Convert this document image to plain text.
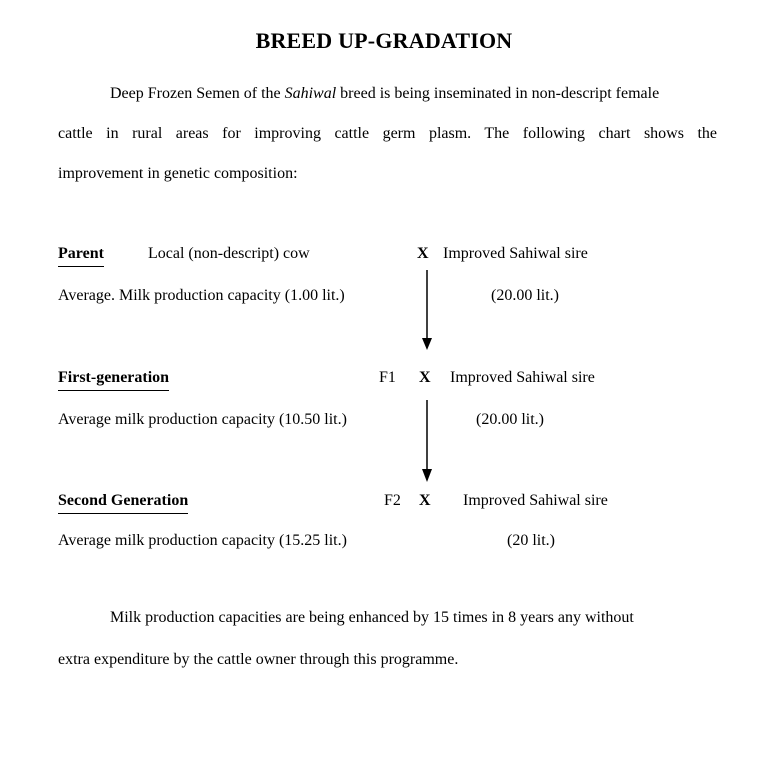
BREED UP-GRADATION
Deep Frozen Semen of the Sahiwal breed is being inseminated in non-descript female
cattle in rural areas for improving cattle germ plasm. The following chart shows the
improvement in genetic composition:
Parent	Local (non-descript) cow	X Improved Sahiwal sire
Average. Milk production capacity (1.00 lit.)	(20.00 lit.)
First-generation	F1 X Improved Sahiwal sire
Average milk production capacity (10.50 lit.)	(20.00 lit.)
Second Generation	F2 X Improved Sahiwal sire
Average milk production capacity (15.25 lit.)	(20 lit.)
Milk production capacities are being enhanced by 15 times in 8 years any without
extra expenditure by the cattle owner through this programme.
